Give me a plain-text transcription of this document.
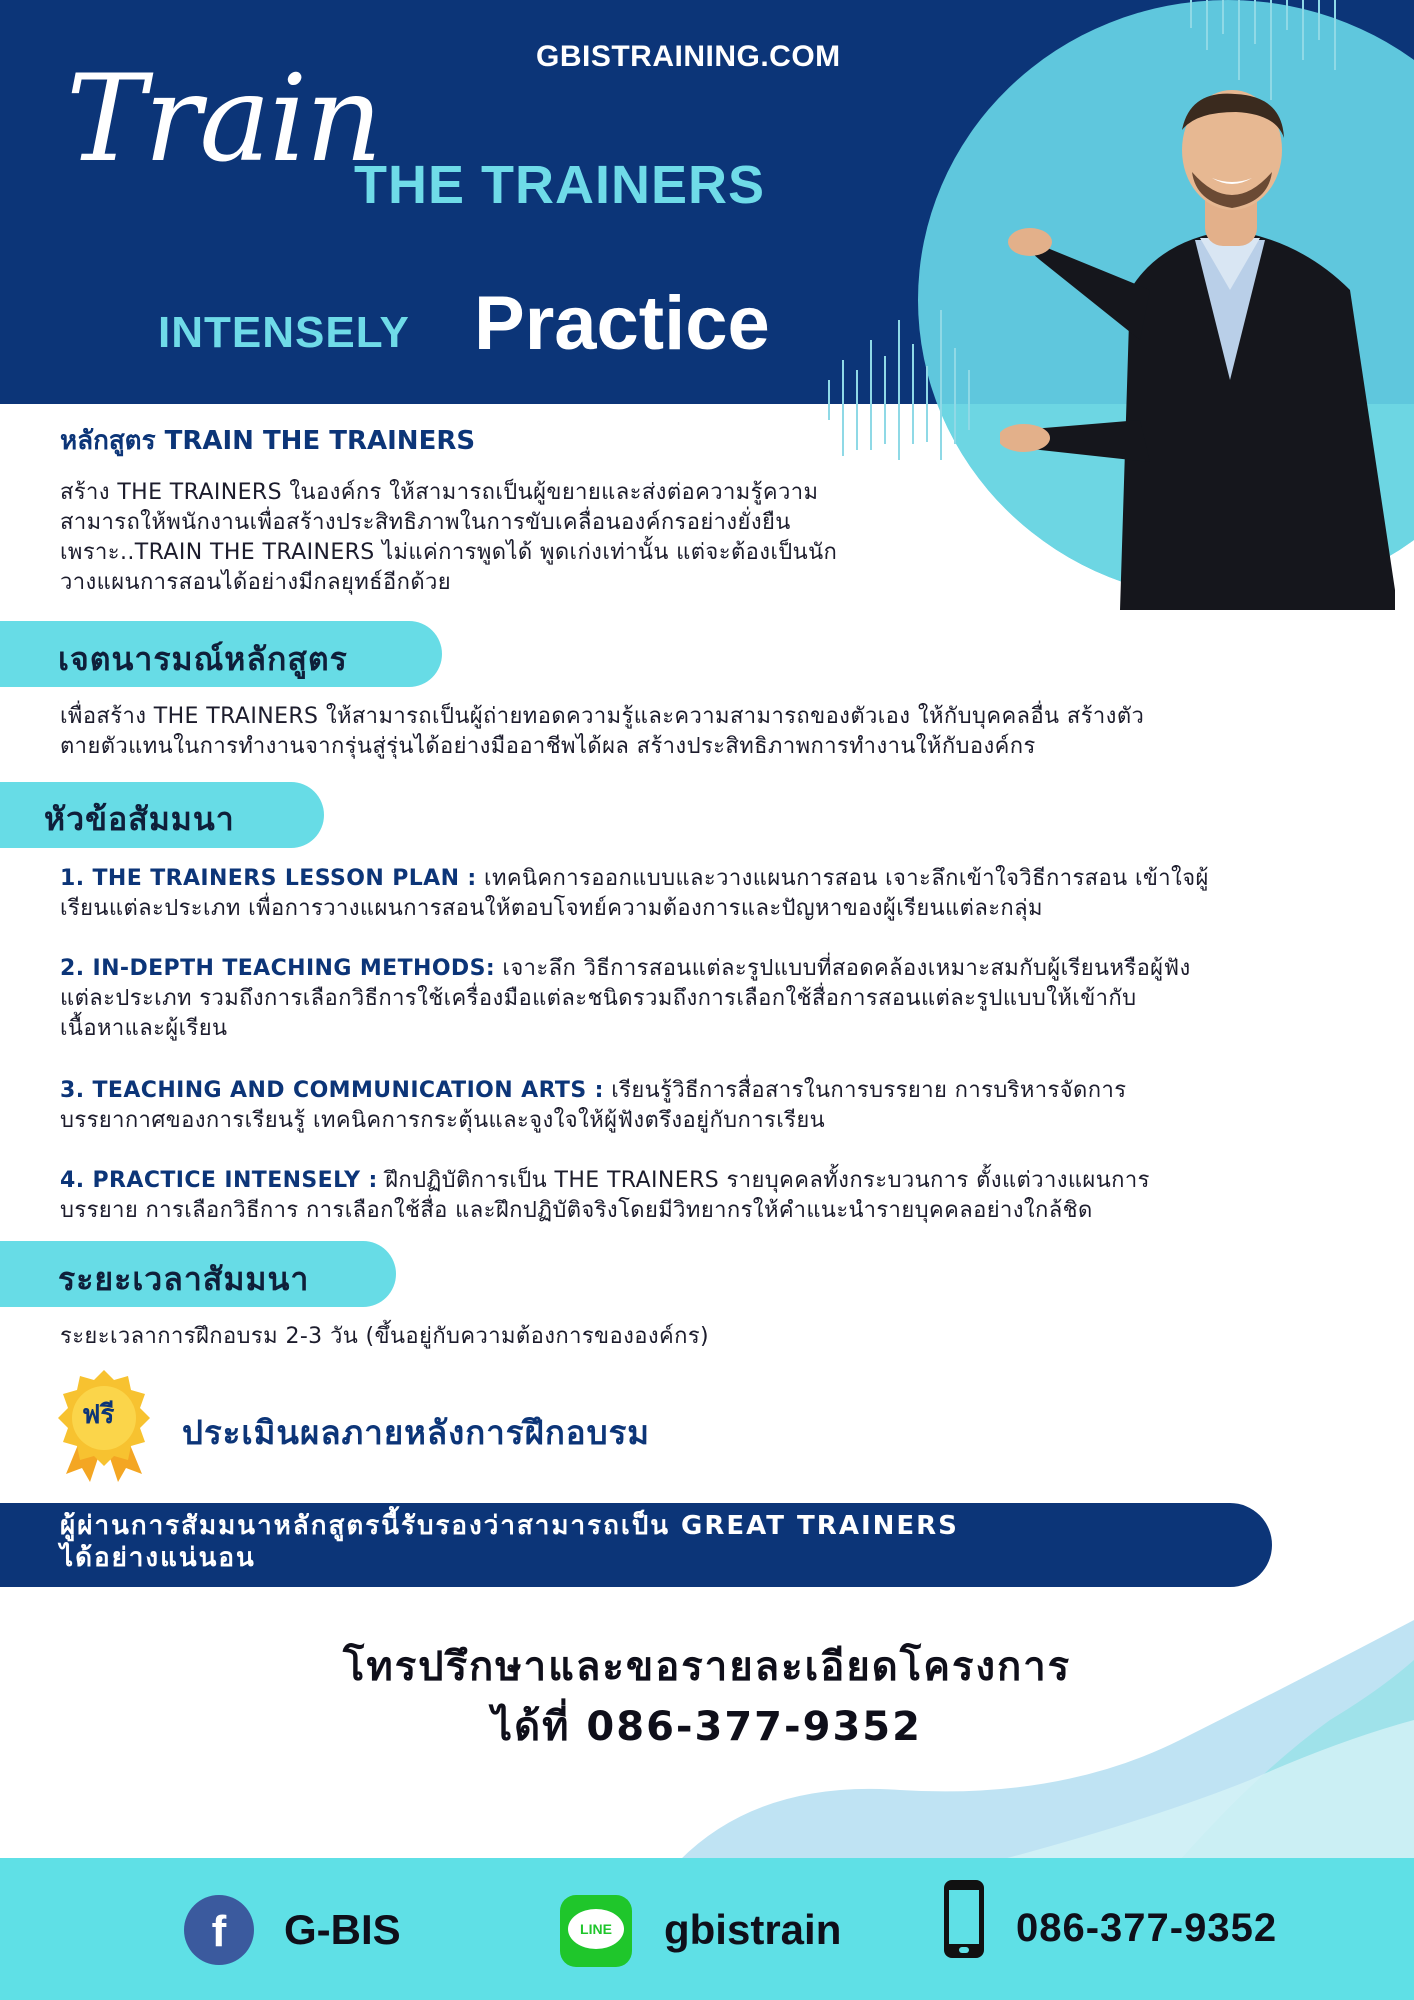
GBISTRAINING.COM
Train
THE TRAINERS
INTENSELY Practice
หลักสูตร TRAIN THE TRAINERS
สร้าง THE TRAINERS ในองค์กร ให้สามารถเป็นผู้ขยายและส่งต่อความรู้ความ
สามารถให้พนักงานเพื่อสร้างประสิทธิภาพในการขับเคลื่อนองค์กรอย่างยั่งยืน
เพราะ..TRAIN THE TRAINERS ไม่แค่การพูดได้ พูดเก่งเท่านั้น แต่จะต้องเป็นนัก
วางแผนการสอนได้อย่างมีกลยุทธ์อีกด้วย
เจตนารมณ์หลักสูตร
เพื่อสร้าง THE TRAINERS ให้สามารถเป็นผู้ถ่ายทอดความรู้และความสามารถของตัวเอง ให้กับบุคคลอื่น สร้างตัว
ตายตัวแทนในการทำงานจากรุ่นสู่รุ่นได้อย่างมืออาชีพได้ผล สร้างประสิทธิภาพการทำงานให้กับองค์กร
หัวข้อสัมมนา
1. THE TRAINERS LESSON PLAN : เทคนิคการออกแบบและวางแผนการสอน เจาะลึกเข้าใจวิธีการสอน เข้าใจผู้
เรียนแต่ละประเภท เพื่อการวางแผนการสอนให้ตอบโจทย์ความต้องการและปัญหาของผู้เรียนแต่ละกลุ่ม
2. IN-DEPTH TEACHING METHODS: เจาะลึก วิธีการสอนแต่ละรูปแบบที่สอดคล้องเหมาะสมกับผู้เรียนหรือผู้ฟัง
แต่ละประเภท รวมถึงการเลือกวิธีการใช้เครื่องมือแต่ละชนิดรวมถึงการเลือกใช้สื่อการสอนแต่ละรูปแบบให้เข้ากับ
เนื้อหาและผู้เรียน
3. TEACHING AND COMMUNICATION ARTS : เรียนรู้วิธีการสื่อสารในการบรรยาย การบริหารจัดการ
บรรยากาศของการเรียนรู้ เทคนิคการกระตุ้นและจูงใจให้ผู้ฟังตรึงอยู่กับการเรียน
4. PRACTICE INTENSELY : ฝึกปฏิบัติการเป็น THE TRAINERS รายบุคคลทั้งกระบวนการ ตั้งแต่วางแผนการ
บรรยาย การเลือกวิธีการ การเลือกใช้สื่อ และฝึกปฏิบัติจริงโดยมีวิทยากรให้คำแนะนำรายบุคคลอย่างใกล้ชิด
ระยะเวลาสัมมนา
ระยะเวลาการฝึกอบรม 2-3 วัน (ขึ้นอยู่กับความต้องการขององค์กร)
ฟรี ประเมินผลภายหลังการฝึกอบรม
ผู้ผ่านการสัมมนาหลักสูตรนี้รับรองว่าสามารถเป็น GREAT TRAINERS
ได้อย่างแน่นอน
โทรปรึกษาและขอรายละเอียดโครงการ
ได้ที่ 086-377-9352
f	G-BIS	LINE gbistrain	086-377-9352
